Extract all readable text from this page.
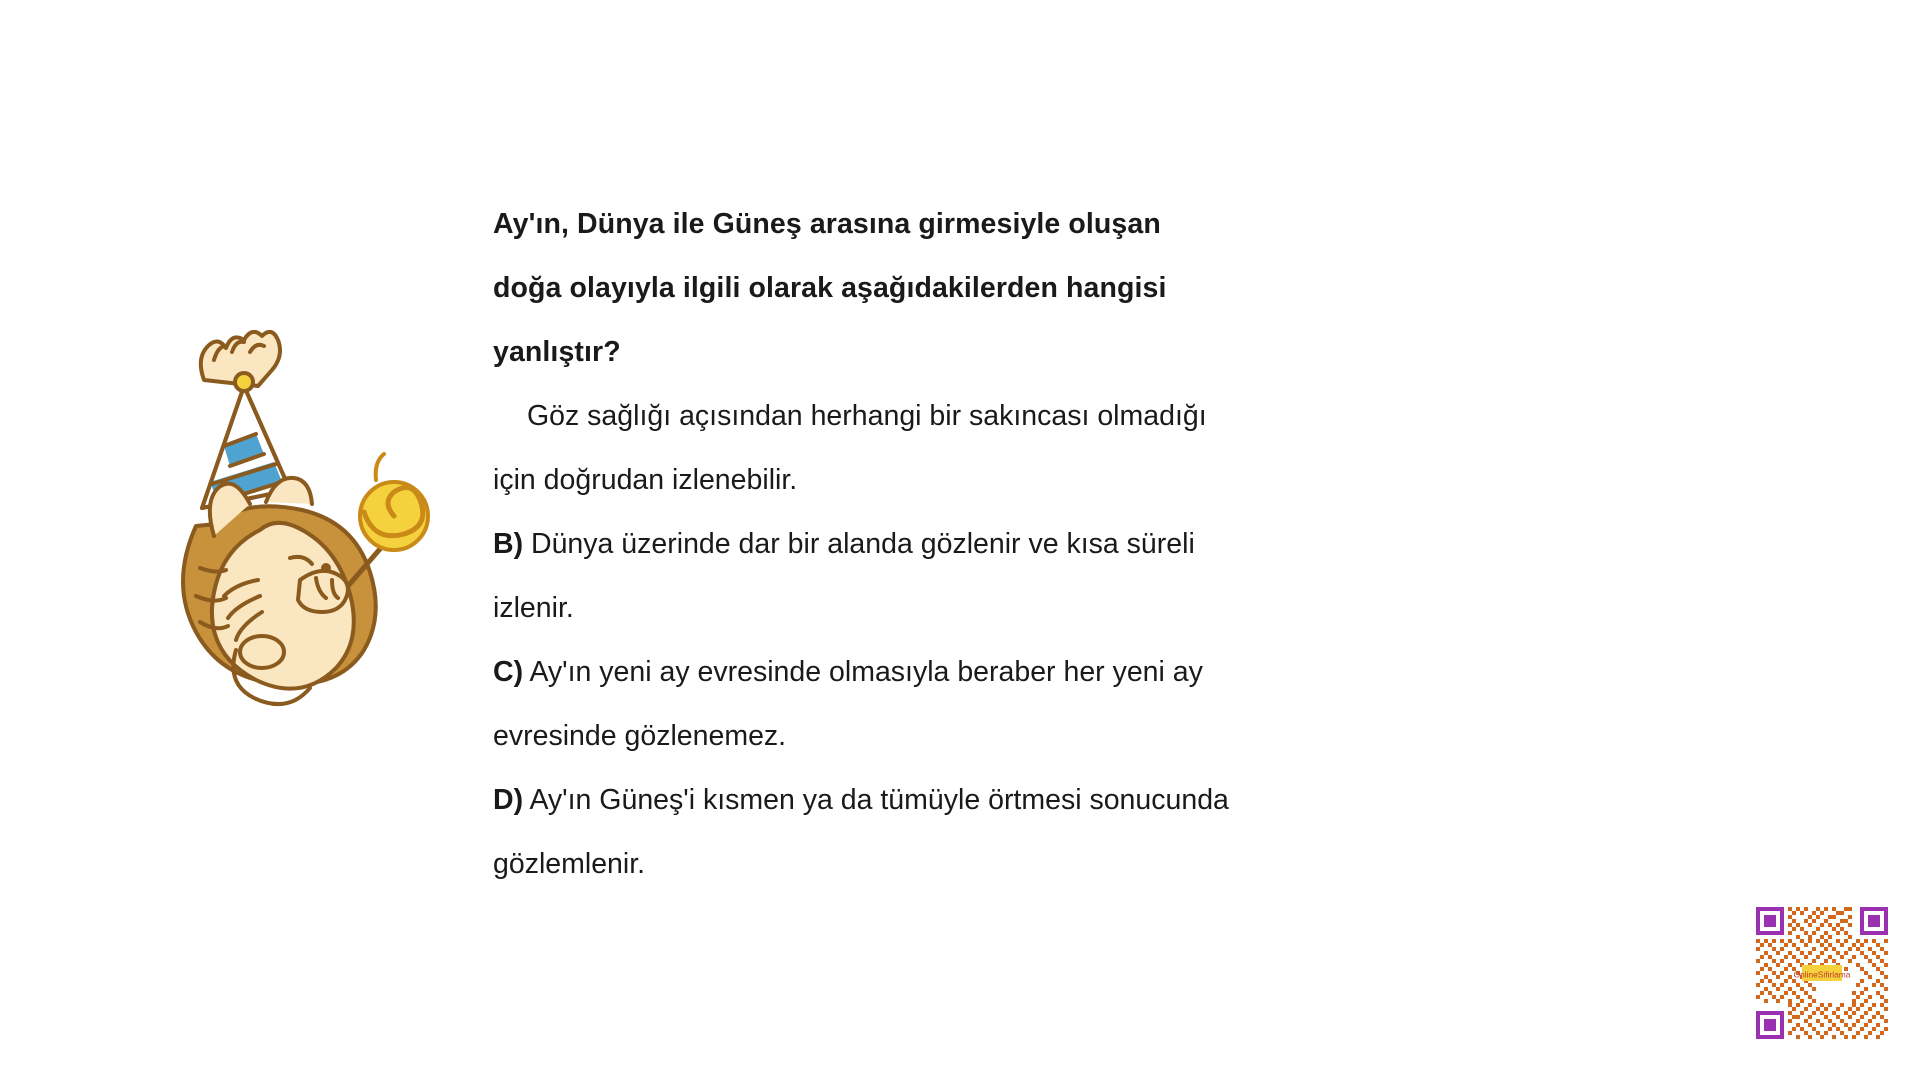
Ay'ın, Dünya ile Güneş arasına girmesiyle oluşan
doğa olayıyla ilgili olarak aşağıdakilerden hangisi
yanlıştır?
Göz sağlığı açısından herhangi bir sakıncası olmadığı
için doğrudan izlenebilir.
B) Dünya üzerinde dar bir alanda gözlenir ve kısa süreli
izlenir.
C) Ay'ın yeni ay evresinde olmasıyla beraber her yeni ay
evresinde gözlenemez.
D) Ay'ın Güneş'i kısmen ya da tümüyle örtmesi sonucunda
gözlemlenir.
OnlineSifirlama
